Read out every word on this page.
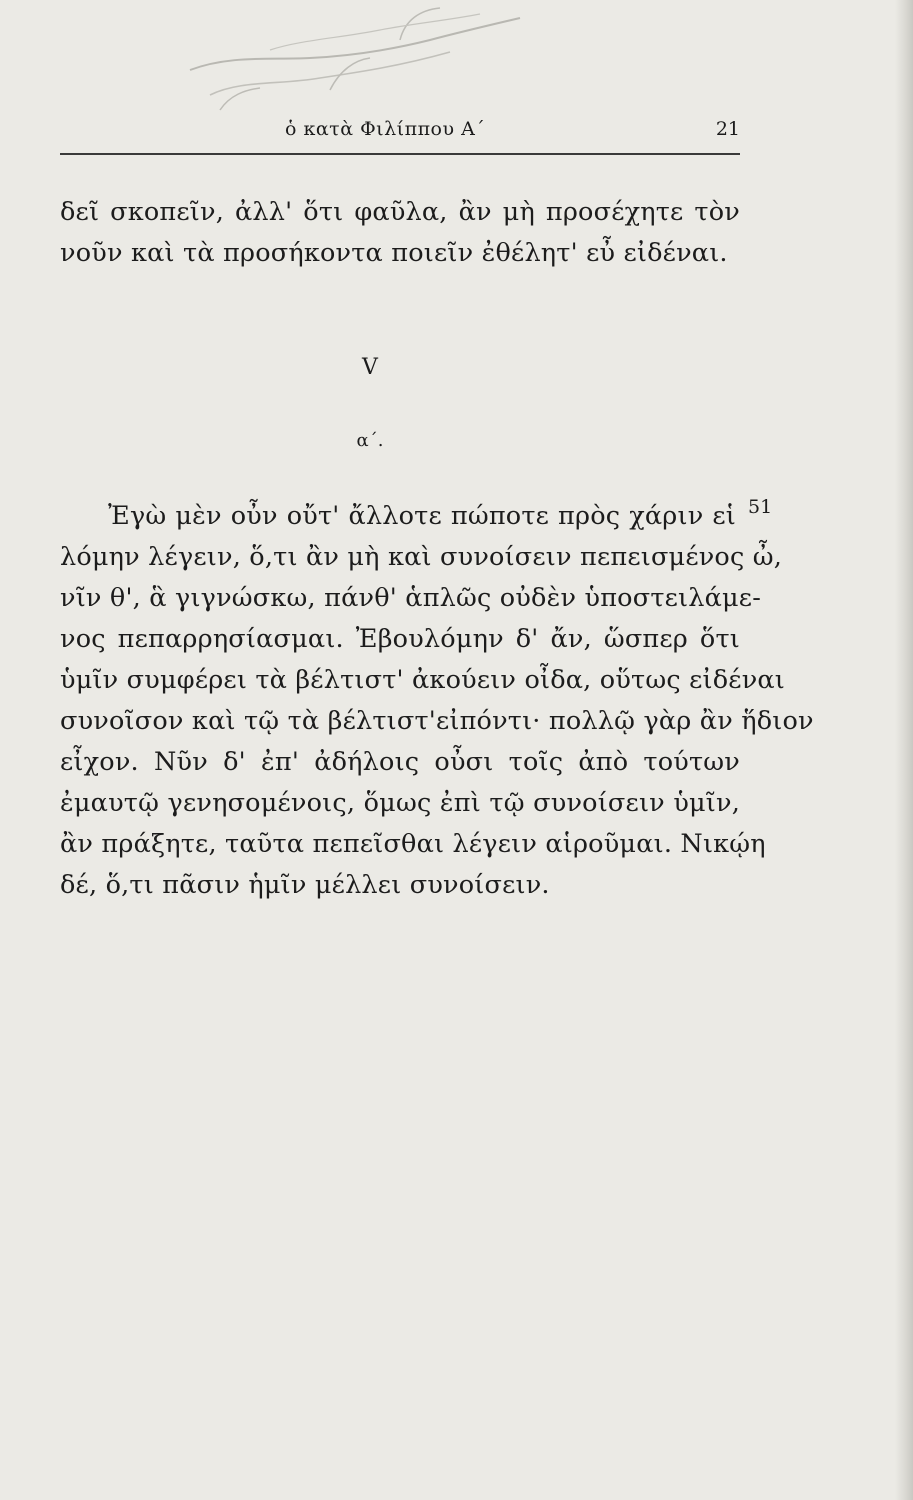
ὁ κατὰ Φιλίππου Α΄	21
δεῖ σκοπεῖν, ἀλλ' ὅτι φαῦλα, ἂν μὴ προσέχητε τὸν
νοῦν καὶ τὰ προσήκοντα ποιεῖν ἐθέλητ' εὖ εἰδέναι.
V
α΄.
51
Ἐγὼ μὲν οὖν οὔτ' ἄλλοτε πώποτε πρὸς χάριν εἱ
λόμην λέγειν, ὅ,τι ἂν μὴ καὶ συνοίσειν πεπεισμένος ὦ,
νῖν θ', ἃ γιγνώσκω, πάνθ' ἁπλῶς οὐδὲν ὑποστειλάμε-
νος πεπαρρησίασμαι. Ἐβουλόμην δ' ἄν, ὥσπερ ὅτι
ὑμῖν συμφέρει τὰ βέλτιστ' ἀκούειν οἶδα, οὕτως εἰδέναι
συνοῖσον καὶ τῷ τὰ βέλτιστ'εἰπόντι· πολλῷ γὰρ ἂν ἥδιον
εἶχον. Νῦν δ' ἐπ' ἀδήλοις οὖσι τοῖς ἀπὸ τούτων
ἐμαυτῷ γενησομένοις, ὅμως ἐπὶ τῷ συνοίσειν ὑμῖν,
ἂν πράξητε, ταῦτα πεπεῖσθαι λέγειν αἱροῦμαι. Νικῴη
δέ, ὅ,τι πᾶσιν ἡμῖν μέλλει συνοίσειν.
